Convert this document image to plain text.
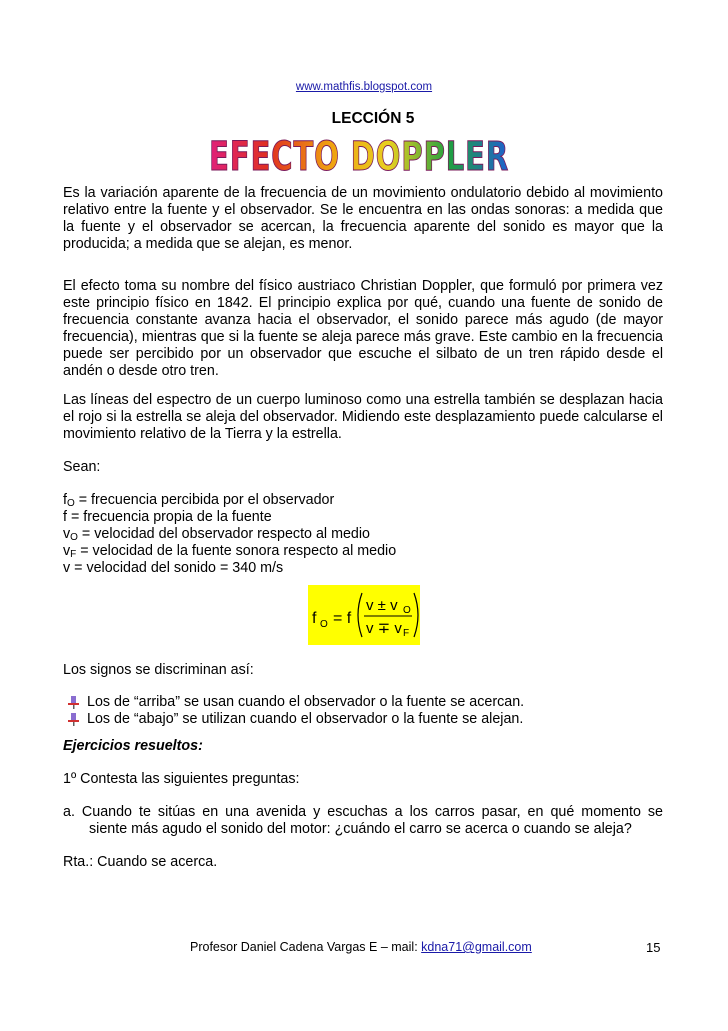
www.mathfis.blogspot.com
LECCIÓN 5
EFECTO DOPPLER
Es la variación aparente de la frecuencia de un movimiento ondulatorio debido al movimiento relativo entre la fuente y el observador. Se le encuentra en las ondas sonoras: a medida que la fuente y el observador se acercan, la frecuencia aparente del sonido es mayor que la producida; a medida que se alejan, es menor.
El efecto toma su nombre del físico austriaco Christian Doppler, que formuló por primera vez este principio físico en 1842. El principio explica por qué, cuando una fuente de sonido de frecuencia constante avanza hacia el observador, el sonido parece más agudo (de mayor frecuencia), mientras que si la fuente se aleja parece más grave. Este cambio en la frecuencia puede ser percibido por un observador que escuche el silbato de un tren rápido desde el andén o desde otro tren.
Las líneas del espectro de un cuerpo luminoso como una estrella también se desplazan hacia el rojo si la estrella se aleja del observador. Midiendo este desplazamiento puede calcularse el movimiento relativo de la Tierra y la estrella.
Sean:
$f_O$ = frecuencia percibida por el observador
f = frecuencia propia de la fuente
$v_O$ = velocidad del observador respecto al medio
$v_F$ = velocidad de la fuente sonora respecto al medio
v = velocidad del sonido = 340 m/s
f O = f
v ± v O
v ∓ v F
Los signos se discriminan así:
Los de “arriba” se usan cuando el observador o la fuente se acercan.
Los de “abajo” se utilizan cuando el observador o la fuente se alejan.
Ejercicios resueltos:
1º Contesta las siguientes preguntas:
a. Cuando te sitúas en una avenida y escuchas a los carros pasar, en qué momento se
siente más agudo el sonido del motor: ¿cuándo el carro se acerca o cuando se aleja?
Rta.: Cuando se acerca.
Profesor Daniel Cadena Vargas E – mail: kdna71@gmail.com	15
